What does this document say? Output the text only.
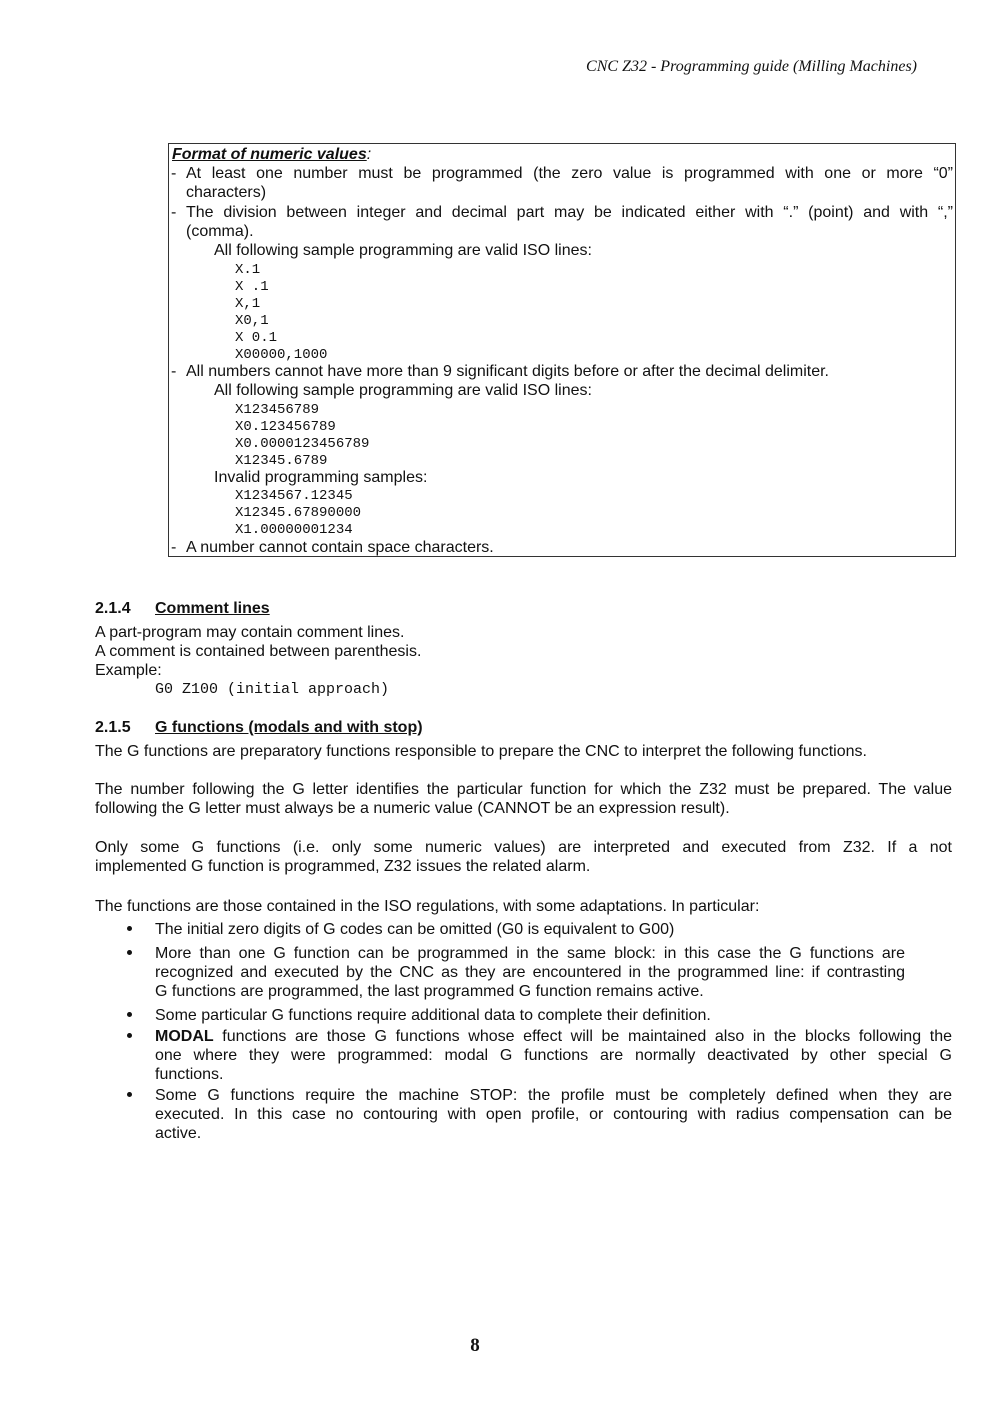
CNC Z32 - Programming guide (Milling Machines)
Format of numeric values:
- At least one number must be programmed (the zero value is programmed with one or more “0”
characters)
- The division between integer and decimal part may be indicated either with “.” (point) and with “,”
(comma).
All following sample programming are valid ISO lines:
X.1
X .1
X,1
X0,1
X 0.1
X00000,1000
- All numbers cannot have more than 9 significant digits before or after the decimal delimiter.
All following sample programming are valid ISO lines:
X123456789
X0.123456789
X0.0000123456789
X12345.6789
Invalid programming samples:
X1234567.12345
X12345.67890000
X1.00000001234
- A number cannot contain space characters.
2.1.4 Comment lines
A part-program may contain comment lines.
A comment is contained between parenthesis.
Example:
G0 Z100 (initial approach)
2.1.5 G functions (modals and with stop)
The G functions are preparatory functions responsible to prepare the CNC to interpret the following functions.
The number following the G letter identifies the particular function for which the Z32 must be prepared. The value
following the G letter must always be a numeric value (CANNOT be an expression result).
Only some G functions (i.e. only some numeric values) are interpreted and executed from Z32. If a not
implemented G function is programmed, Z32 issues the related alarm.
The functions are those contained in the ISO regulations, with some adaptations. In particular:
The initial zero digits of G codes can be omitted (G0 is equivalent to G00)
More than one G function can be programmed in the same block: in this case the G functions are
recognized and executed by the CNC as they are encountered in the programmed line: if contrasting
G functions are programmed, the last programmed G function remains active.
Some particular G functions require additional data to complete their definition.
MODAL functions are those G functions whose effect will be maintained also in the blocks following the
one where they were programmed: modal G functions are normally deactivated by other special G
functions.
Some G functions require the machine STOP: the profile must be completely defined when they are
executed. In this case no contouring with open profile, or contouring with radius compensation can be
active.
8
